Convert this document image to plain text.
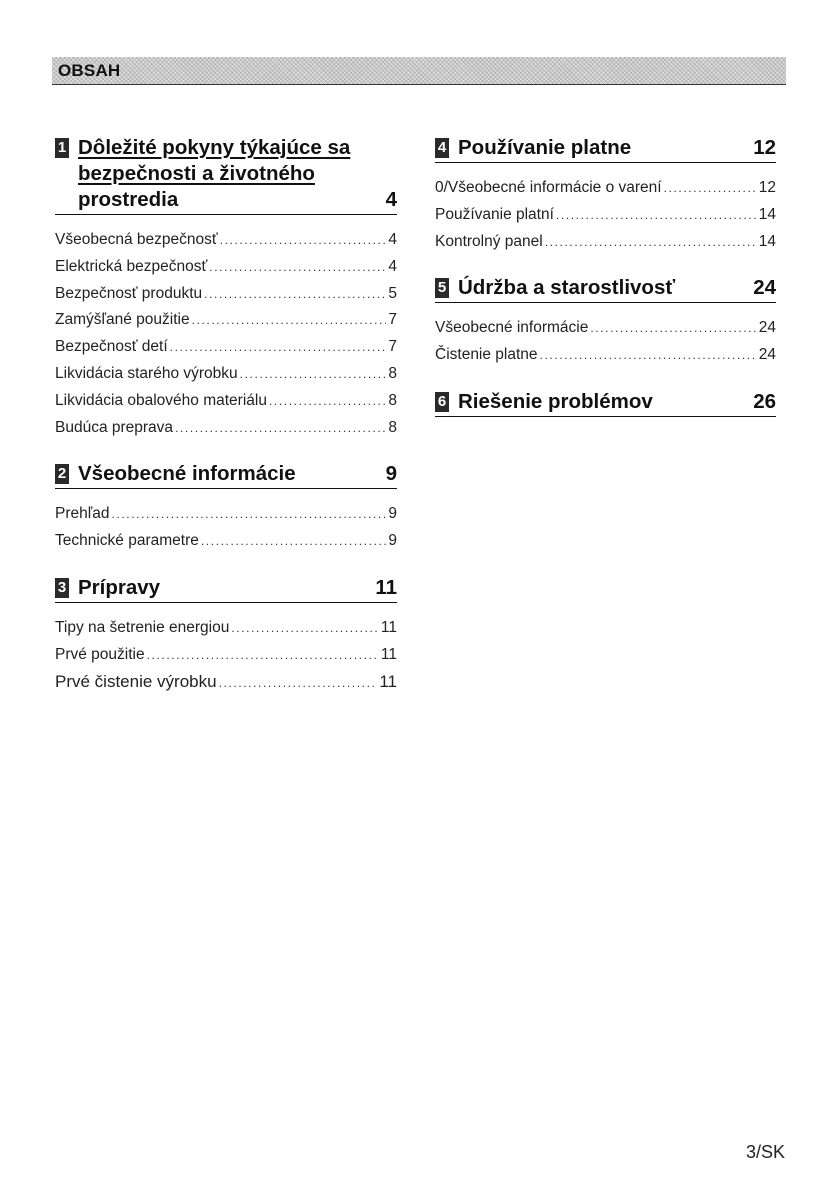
OBSAH
1 Dôležité pokyny týkajúce sa
bezpečnosti a životného
prostredia	4
Všeobecná bezpečnosť .....	4
Elektrická bezpečnosť .....	4
Bezpečnosť produktu .....	5
Zamýšľané použitie .....	7
Bezpečnosť detí .....	7
Likvidácia starého výrobku .....	8
Likvidácia obalového materiálu .....	8
Budúca preprava .....	8
2 Všeobecné informácie	9
Prehľad .....	9
Technické parametre .....	9
3 Prípravy	11
Tipy na šetrenie energiou .....	11
Prvé použitie .....	11
Prvé čistenie výrobku .....	11
4 Používanie platne	12
0/Všeobecné informácie o varení .....	12
Používanie platní .....	14
Kontrolný panel .....	14
5 Údržba a starostlivosť	24
Všeobecné informácie .....	24
Čistenie platne .....	24
6 Riešenie problémov	26
3/SK
